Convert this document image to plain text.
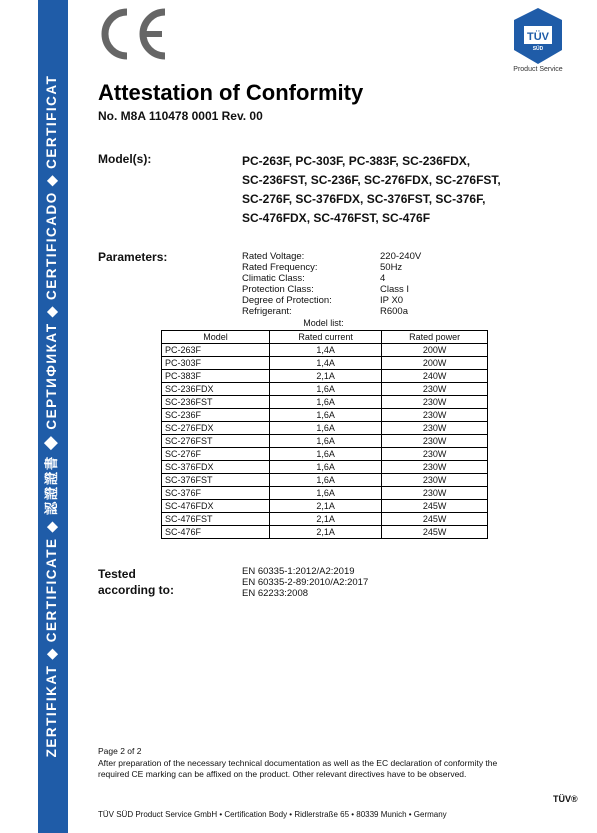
ZERTIFIKAT ◆ CERTIFICATE ◆ 認證證書 ◆ СЕРТИФИКАТ ◆ CERTIFICADO ◆ CERTIFICAT
TÜV
SÜD
Product Service
Attestation of Conformity
No. M8A 110478 0001 Rev. 00
Model(s):	PC-263F, PC-303F, PC-383F, SC-236FDX,
SC-236FST, SC-236F, SC-276FDX, SC-276FST,
SC-276F, SC-376FDX, SC-376FST, SC-376F,
SC-476FDX, SC-476FST, SC-476F
Parameters:	Rated Voltage:	220-240V
Rated Frequency:	50Hz
Climatic Class:	4
Protection Class:	Class I
Degree of Protection:	IP X0
Refrigerant:	R600a
Model list:
Model	Rated current	Rated power
PC-263F	1,4A	200W
PC-303F	1,4A	200W
PC-383F	2,1A	240W
SC-236FDX	1,6A	230W
SC-236FST	1,6A	230W
SC-236F	1,6A	230W
SC-276FDX	1,6A	230W
SC-276FST	1,6A	230W
SC-276F	1,6A	230W
SC-376FDX	1,6A	230W
SC-376FST	1,6A	230W
SC-376F	1,6A	230W
SC-476FDX	2,1A	245W
SC-476FST	2,1A	245W
SC-476F	2,1A	245W
Tested
according to:
EN 60335-1:2012/A2:2019
EN 60335-2-89:2010/A2:2017
EN 62233:2008
Page 2 of 2
After preparation of the necessary technical documentation as well as the EC declaration of conformity the required CE marking can be affixed on the product. Other relevant directives have to be observed.
TÜV SÜD Product Service GmbH • Certification Body • Ridlerstraße 65 • 80339 Munich • Germany
TÜV®
